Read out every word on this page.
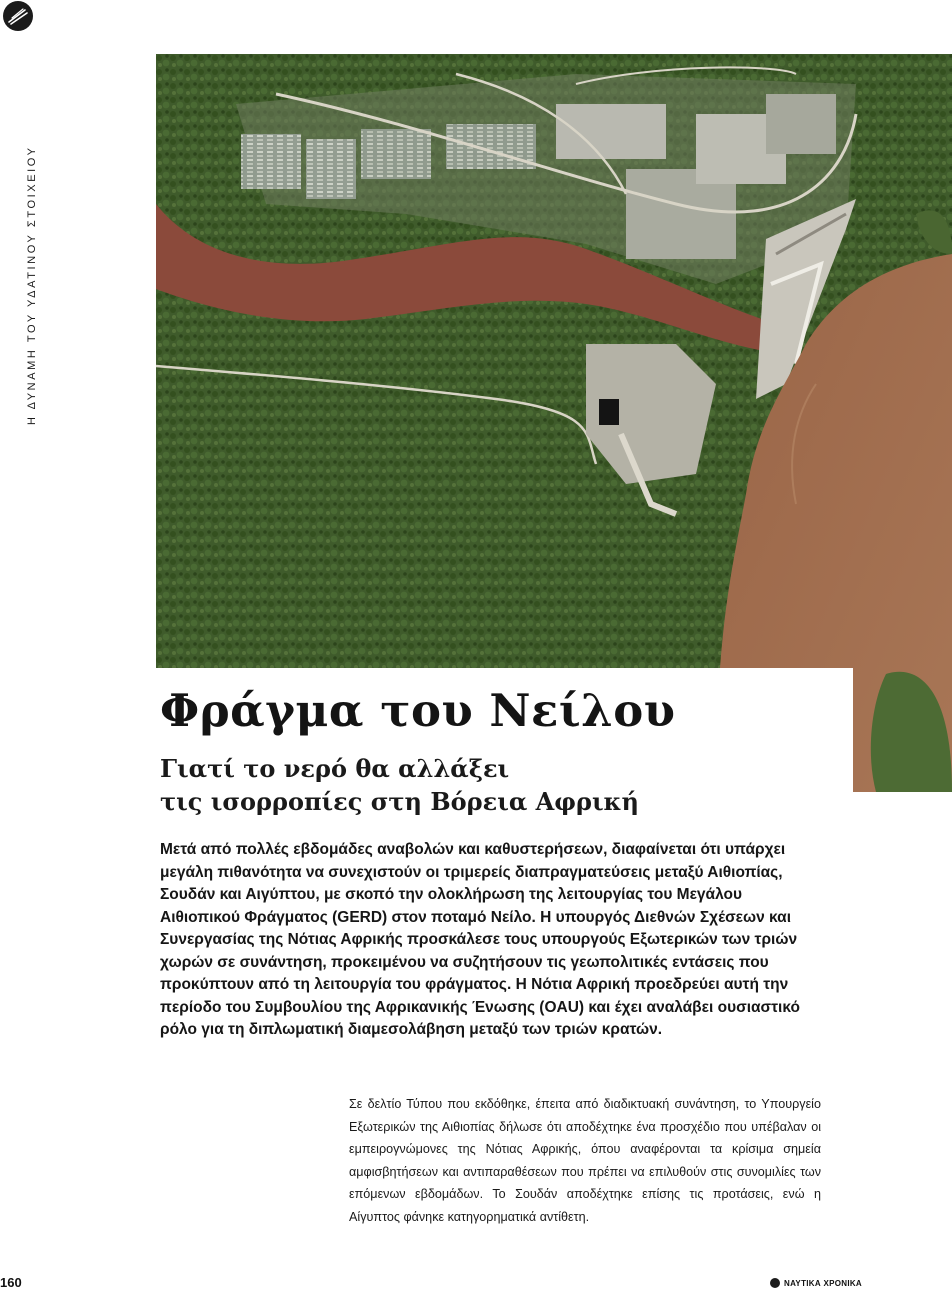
Η ΔΥΝΑΜΗ ΤΟΥ ΥΔΑΤΙΝΟΥ ΣΤΟΙΧΕΙΟΥ
Φράγμα του Νείλου
Γιατί το νερό θα αλλάξει
τις ισορροπίες στη Βόρεια Αφρική

Μετά από πολλές εβδομάδες αναβολών και καθυστερήσεων, διαφαίνεται ότι υπάρχει μεγάλη πιθανότητα να συνεχιστούν οι τριμερείς διαπραγματεύσεις μεταξύ Αιθιοπίας, Σουδάν και Αιγύπτου, με σκοπό την ολοκλήρωση της λειτουργίας του Μεγάλου Αιθιοπικού Φράγματος (GERD) στον ποταμό Νείλο. Η υπουργός Διεθνών Σχέσεων και Συνεργασίας της Νότιας Αφρικής προσκάλεσε τους υπουργούς Εξωτερικών των τριών χωρών σε συνάντηση, προκειμένου να συζητήσουν τις γεωπολιτικές εντάσεις που προκύπτουν από τη λειτουργία του φράγματος. Η Νότια Αφρική προεδρεύει αυτή την περίοδο του Συμβουλίου της Αφρικανικής Ένωσης (OAU) και έχει αναλάβει ουσιαστικό ρόλο για τη διπλωματική διαμεσολάβηση μεταξύ των τριών κρατών.

Σε δελτίο Τύπου που εκδόθηκε, έπειτα από διαδικτυακή συνάντηση, το Υπουργείο Εξωτερικών της Αιθιοπίας δήλωσε ότι αποδέχτηκε ένα προσχέδιο που υπέβαλαν οι εμπειρογνώμονες της Νότιας Αφρικής, όπου αναφέρονται τα κρίσιμα σημεία αμφισβητήσεων και αντιπαραθέσεων που πρέπει να επιλυθούν στις συνομιλίες των επόμενων εβδομάδων. Το Σουδάν αποδέχτηκε επίσης τις προτάσεις, ενώ η Αίγυπτος φάνηκε κατηγορηματικά αντίθετη.

160	ΝΑΥΤΙΚΑ ΧΡΟΝΙΚΑ
